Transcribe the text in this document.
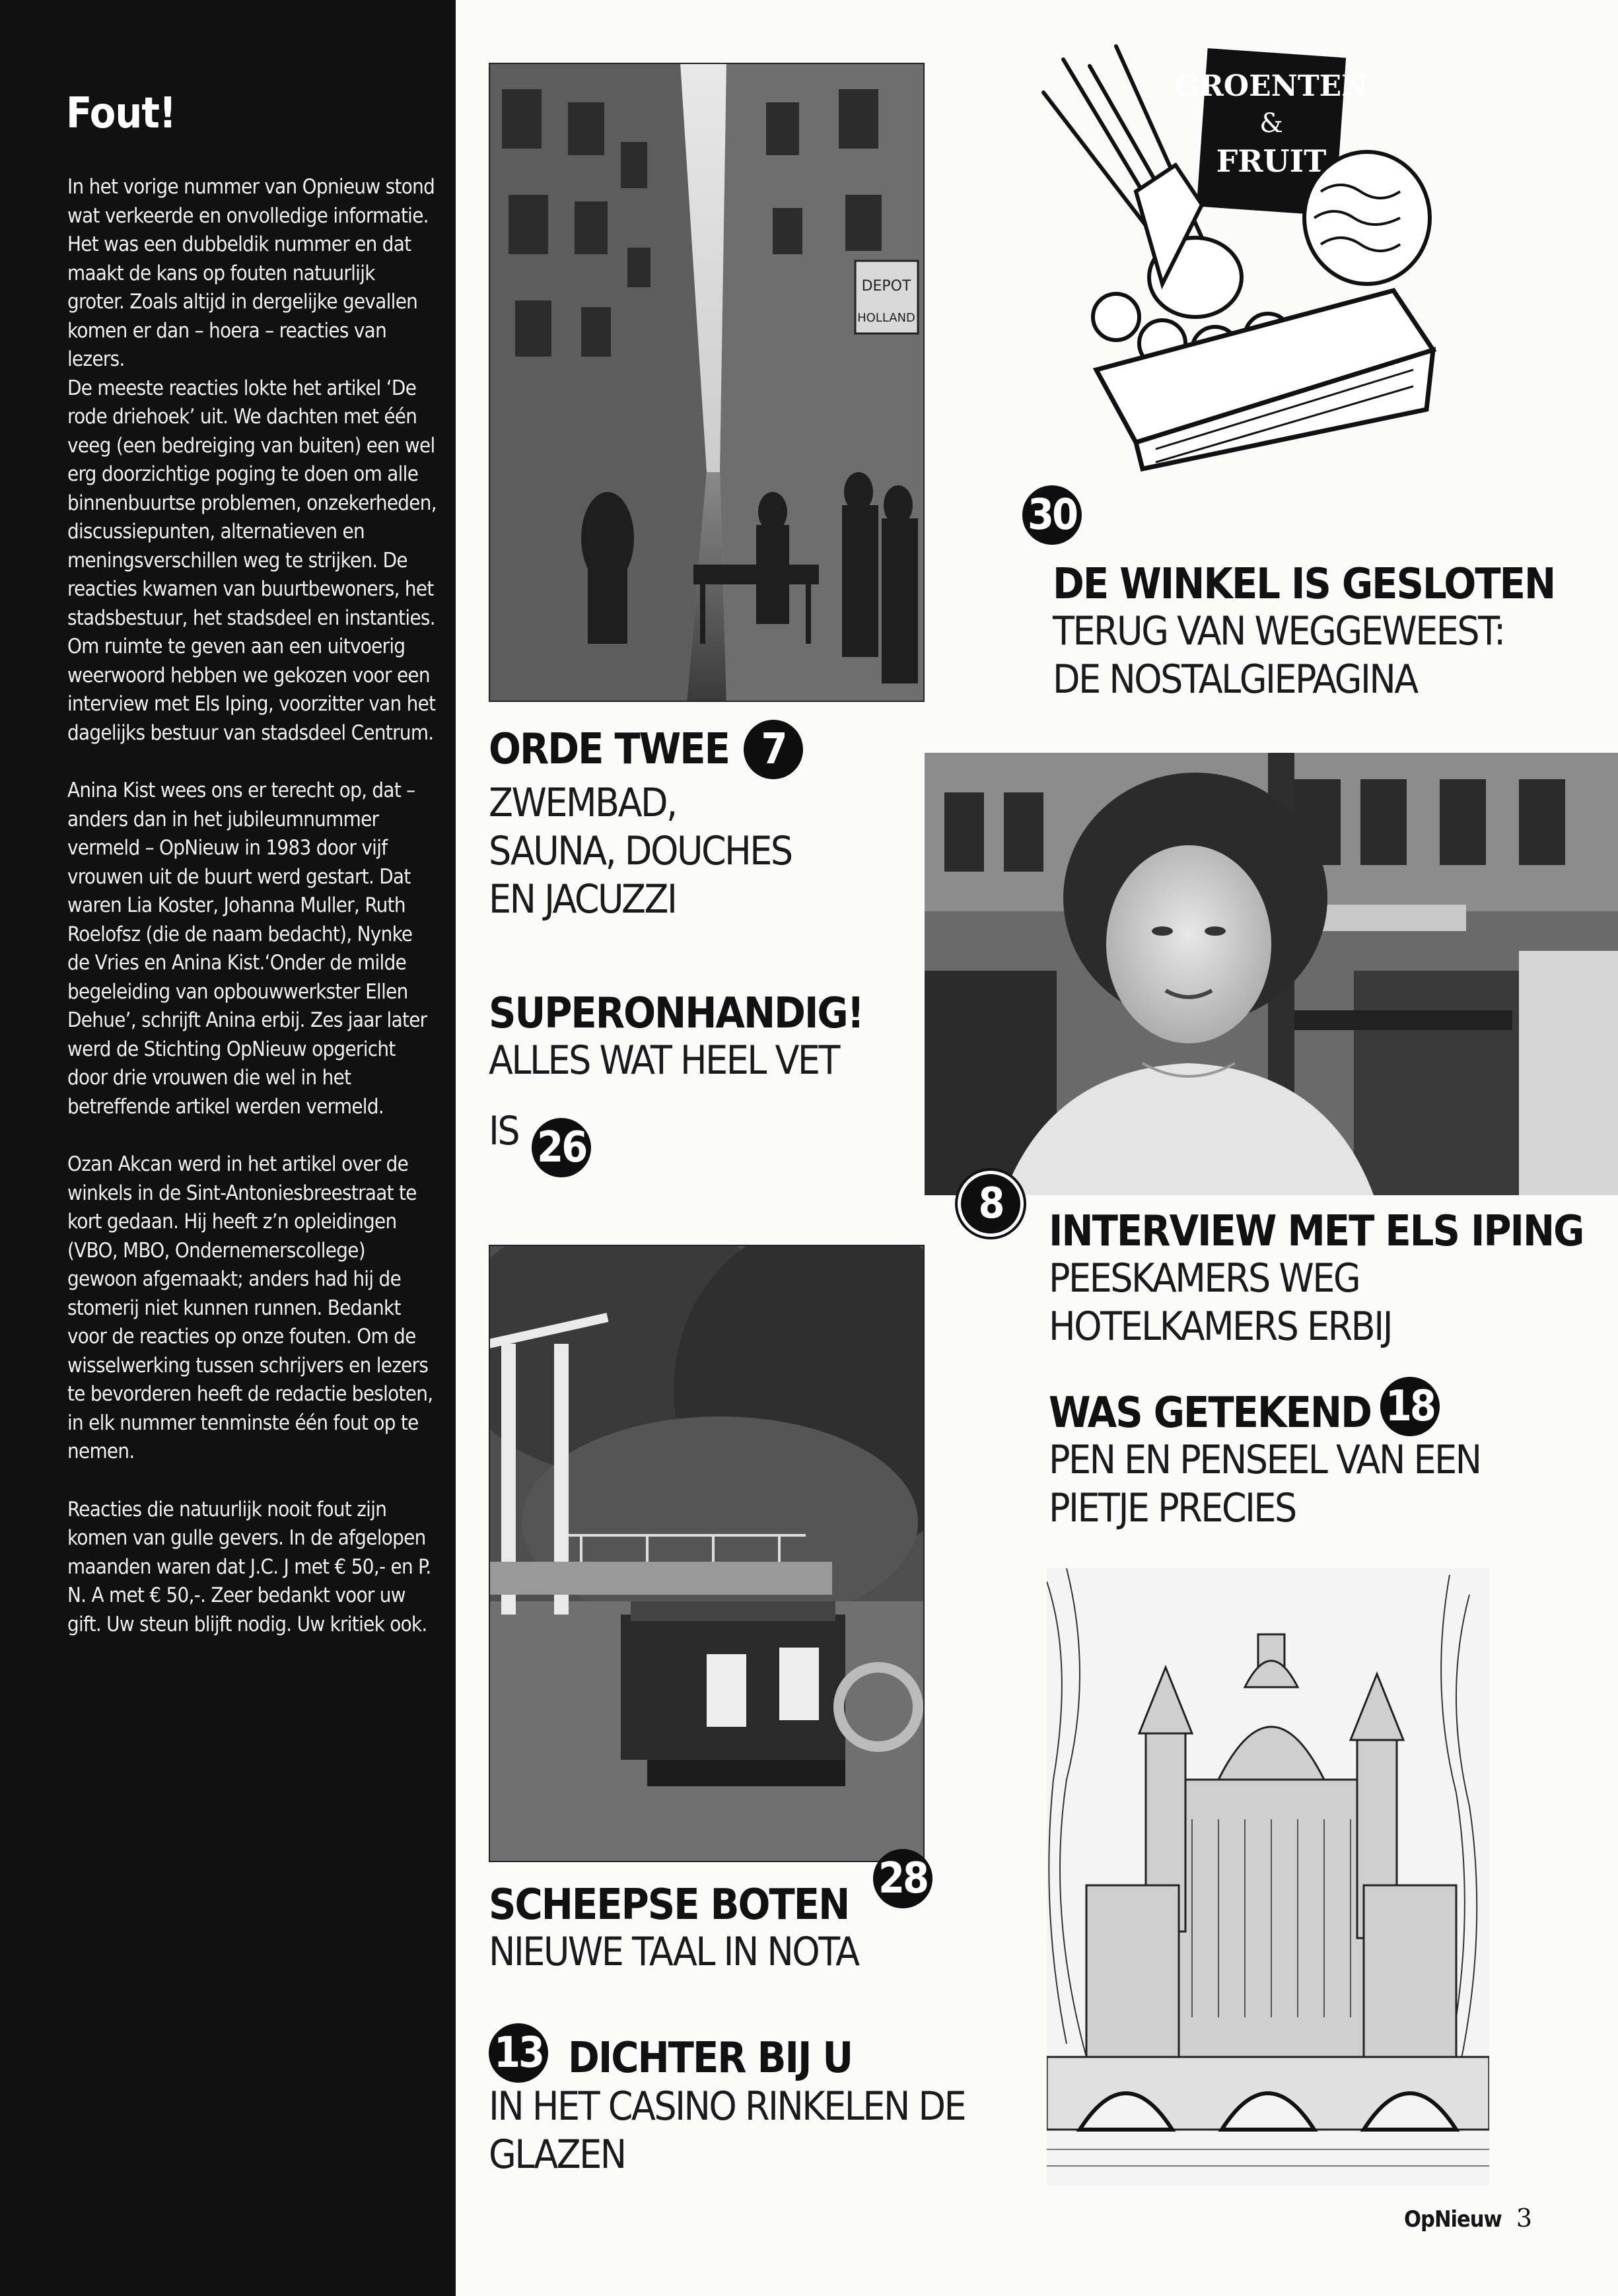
Fout!

In het vorige nummer van Opnieuw stond wat verkeerde en onvolledige informatie. Het was een dubbeldik nummer en dat maakt de kans op fouten natuurlijk groter. Zoals altijd in dergelijke gevallen komen er dan – hoera – reacties van lezers.

De meeste reacties lokte het artikel ‘De rode driehoek’ uit. We dachten met één veeg (een bedreiging van buiten) een wel erg doorzichtige poging te doen om alle binnenbuurtse problemen, onzekerheden, discussiepunten, alternatieven en meningsverschillen weg te strijken. De reacties kwamen van buurtbewoners, het stadsbestuur, het stadsdeel en instanties. Om ruimte te geven aan een uitvoerig weerwoord hebben we gekozen voor een interview met Els Iping, voorzitter van het dagelijks bestuur van stadsdeel Centrum.

Anina Kist wees ons er terecht op, dat – anders dan in het jubileumnummer vermeld – OpNieuw in 1983 door vijf vrouwen uit de buurt werd gestart. Dat waren Lia Koster, Johanna Muller, Ruth Roelofsz (die de naam bedacht), Nynke de Vries en Anina Kist.‘Onder de milde begeleiding van opbouwwerkster Ellen Dehue’, schrijft Anina erbij. Zes jaar later werd de Stichting OpNieuw opgericht door drie vrouwen die wel in het betreffende artikel werden vermeld.

Ozan Akcan werd in het artikel over de winkels in de Sint-Antoniesbreestraat te kort gedaan. Hij heeft z’n opleidingen (VBO, MBO, Ondernemerscollege) gewoon afgemaakt; anders had hij de stomerij niet kunnen runnen. Bedankt voor de reacties op onze fouten. Om de wisselwerking tussen schrijvers en lezers te bevorderen heeft de redactie besloten, in elk nummer tenminste één fout op te nemen.

Reacties die natuurlijk nooit fout zijn komen van gulle gevers. In de afgelopen maanden waren dat J.C. J met € 50,- en P. N. A met € 50,-. Zeer bedankt voor uw gift. Uw steun blijft nodig. Uw kritiek ook.

DEPOT
HOLLAND
GROENTEN
&
FRUIT
30
DE WINKEL IS GESLOTEN
TERUG VAN WEGGEWEEST:
DE NOSTALGIEPAGINA
ORDE TWEE 7
ZWEMBAD,
SAUNA, DOUCHES
EN JACUZZI
SUPERONHANDIG!
ALLES WAT HEEL VET
IS 26
8
INTERVIEW MET ELS IPING
PEESKAMERS WEG
HOTELKAMERS ERBIJ
WAS GETEKEND 18
PEN EN PENSEEL VAN EEN
PIETJE PRECIES
28
SCHEEPSE BOTEN
NIEUWE TAAL IN NOTA
13 DICHTER BIJ U
IN HET CASINO RINKELEN DE
GLAZEN
OpNieuw 3
